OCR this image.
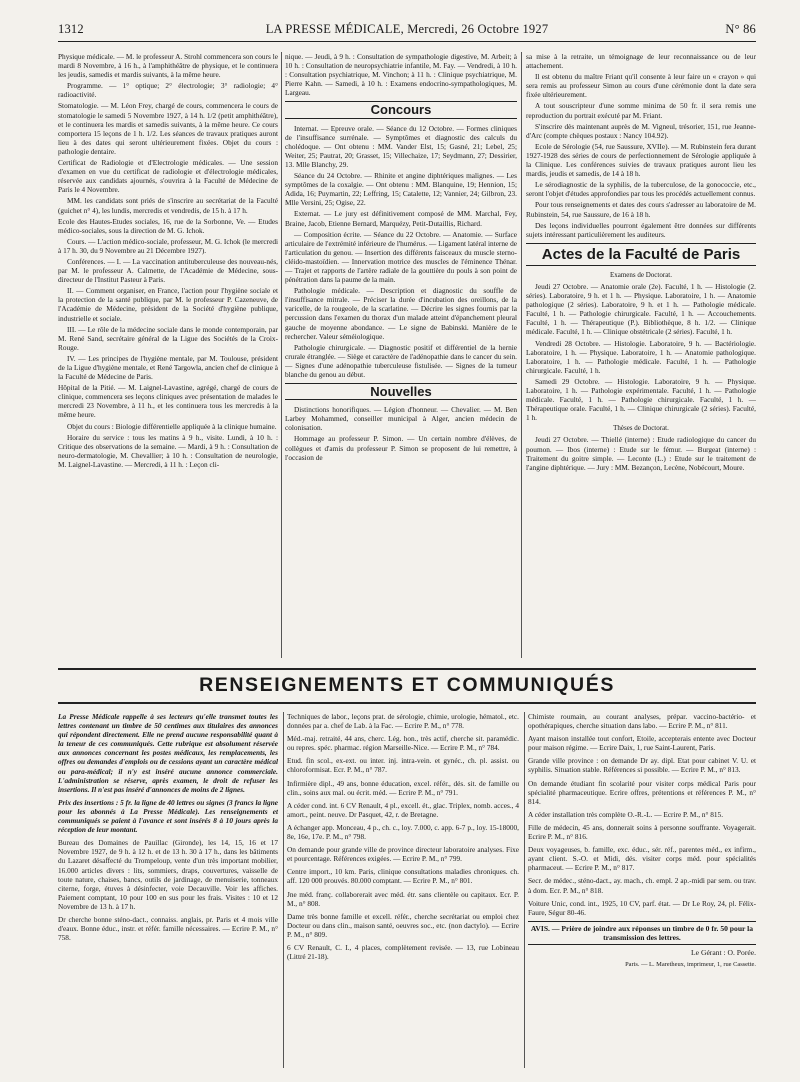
1312	LA PRESSE MÉDICALE, Mercredi, 26 Octobre 1927	N° 86

Physique médicale. — M. le professeur A. Strohl commencera son cours le mardi 8 Novembre, à 16 h., à l'amphithéâtre de physique, et le continuera les jeudis, samedis et mardis suivants, à la même heure.

Programme. — 1° optique; 2° électrologie; 3° radiologie; 4° radioactivité.

Stomatologie. — M. Léon Frey, chargé de cours, commencera le cours de stomatologie le samedi 5 Novembre 1927, à 14 h. 1/2 (petit amphithéâtre), et le continuera les mardis et samedis suivants, à la même heure. Ce cours comportera 15 leçons de 1 h. 1/2. Les séances de travaux pratiques auront lieu à des dates qui seront ultérieurement fixées. Objet du cours : pathologie dentaire.

Certificat de Radiologie et d'Electrologie médicales. — Une session d'examen en vue du certificat de radiologie et d'électrologie médicales, réservée aux candidats ajournés, s'ouvrira à la Faculté de Médecine de Paris le 4 Novembre.

MM. les candidats sont priés de s'inscrire au secrétariat de la Faculté (guichet n° 4), les lundis, mercredis et vendredis, de 15 h. à 17 h.

Ecole des Hautes-Etudes sociales, 16, rue de la Sorbonne, Ve. — Etudes médico-sociales, sous la direction de M. G. Ichok.

Cours. — L'action médico-sociale, professeur, M. G. Ichok (le mercredi à 17 h. 30, du 9 Novembre au 21 Décembre 1927).

Conférences. — I. — La vaccination antituberculeuse des nouveau-nés, par M. le professeur A. Calmette, de l'Académie de Médecine, sous-directeur de l'Institut Pasteur à Paris.

II. — Comment organiser, en France, l'action pour l'hygiène sociale et la protection de la santé publique, par M. le professeur P. Cazeneuve, de l'Académie de Médecine, président de la Société d'hygiène publique, industrielle et sociale.

III. — Le rôle de la médecine sociale dans le monde contemporain, par M. René Sand, secrétaire général de la Ligue des Sociétés de la Croix-Rouge.

IV. — Les principes de l'hygiène mentale, par M. Toulouse, président de la Ligue d'hygiène mentale, et René Targowla, ancien chef de clinique à la Faculté de Médecine de Paris.

Hôpital de la Pitié. — M. Laignel-Lavastine, agrégé, chargé de cours de clinique, commencera ses leçons cliniques avec présentation de malades le mercredi 23 Novembre, à 11 h., et les continuera tous les mercredis à la même heure.

Objet du cours : Biologie différentielle appliquée à la clinique humaine.

Horaire du service : tous les matins à 9 h., visite. Lundi, à 10 h. : Critique des observations de la semaine. — Mardi, à 9 h. : Consultation de neuro-dermatologie, M. Chevallier; à 10 h. : Consultation de neurologie, M. Laignel-Lavastine. — Mercredi, à 11 h. : Leçon cli-

nique. — Jeudi, à 9 h. : Consultation de sympathologie digestive, M. Arbeit; à 10 h. : Consultation de neuropsychiatrie infantile, M. Fay. — Vendredi, à 10 h. : Consultation psychiatrique, M. Vinchon; à 11 h. : Clinique psychiatrique, M. Pierre Kahn. — Samedi, à 10 h. : Examens endocrino-sympathologiques, M. Largeau.

Concours

Internat. — Epreuve orale. — Séance du 12 Octobre. — Formes cliniques de l'insuffisance surrénale. — Symptômes et diagnostic des calculs du cholédoque. — Ont obtenu : MM. Vander Elst, 15; Gasné, 21; Lebel, 25; Weiter, 25; Pautrat, 20; Grasset, 15; Villechaize, 17; Seydmann, 27; Dessirier, 13. Mlle Blanchy, 29.

Séance du 24 Octobre. — Rhinite et angine diphtériques malignes. — Les symptômes de la coxalgie. — Ont obtenu : MM. Blanquine, 19; Hennion, 15; Adida, 16; Puymartin, 22; Leffring, 15; Catalette, 12; Vannier, 24; Gilbron, 23. Mlle Versini, 25; Ogise, 22.

Externat. — Le jury est définitivement composé de MM. Marchal, Fey, Braine, Jacob, Etienne Bernard, Marquézy, Petit-Dutaillis, Richard.

— Composition écrite. — Séance du 22 Octobre. — Anatomie. — Surface articulaire de l'extrémité inférieure de l'humérus. — Ligament latéral interne de l'articulation du genou. — Insertion des différents faisceaux du muscle sterno-cléido-mastoïdien. — Innervation motrice des muscles de l'éminence Thénar. — Trajet et rapports de l'artère radiale de la gouttière du pouls à son point de pénétration dans la paume de la main.

Pathologie médicale. — Description et diagnostic du souffle de l'insuffisance mitrale. — Préciser la durée d'incubation des oreillons, de la varicelle, de la rougeole, de la scarlatine. — Décrire les signes fournis par la percussion dans l'examen du thorax d'un malade atteint d'épanchement pleural gauche de moyenne abondance. — Le signe de Babinski. Manière de le rechercher. Valeur séméiologique.

Pathologie chirurgicale. — Diagnostic positif et différentiel de la hernie crurale étranglée. — Siège et caractère de l'adénopathie dans le cancer du sein. — Signes d'une adénopathie tuberculeuse fistulisée. — Signes de la tumeur blanche du genou au début.

Nouvelles

Distinctions honorifiques. — Légion d'honneur. — Chevalier. — M. Ben Larbey Mohammed, conseiller municipal à Alger, ancien médecin de colonisation.

Hommage au professeur P. Simon. — Un certain nombre d'élèves, de collègues et d'amis du professeur P. Simon se proposent de lui remettre, à l'occasion de

sa mise à la retraite, un témoignage de leur reconnaissance ou de leur attachement.

Il est obtenu du maître Friant qu'il consente à leur faire un « crayon » qui sera remis au professeur Simon au cours d'une cérémonie dont la date sera fixée ultérieurement.

A tout souscripteur d'une somme minima de 50 fr. il sera remis une reproduction du portrait exécuté par M. Friant.

S'inscrire dès maintenant auprès de M. Vigneul, trésorier, 151, rue Jeanne-d'Arc (compte chèques postaux : Nancy 104.92).

Ecole de Sérologie (54, rue Saussure, XVIIe). — M. Rubinstein fera durant 1927-1928 des séries de cours de perfectionnement de Sérologie appliquée à la Clinique. Les conférences suivies de travaux pratiques auront lieu les mardis, jeudis et samedis, de 14 à 18 h.

Le sérodiagnostic de la syphilis, de la tuberculose, de la gonococcie, etc., seront l'objet d'études approfondies par tous les procédés actuellement connus.

Pour tous renseignements et dates des cours s'adresser au laboratoire de M. Rubinstein, 54, rue Saussure, de 16 à 18 h.

Des leçons individuelles pourront également être données sur différents sujets intéressant particulièrement les auditeurs.

Actes de la Faculté de Paris

Examens de Doctorat.

Jeudi 27 Octobre. — Anatomie orale (2e). Faculté, 1 h. — Histologie (2. séries). Laboratoire, 9 h. et 1 h. — Physique. Laboratoire, 1 h. — Anatomie pathologique (2 séries). Laboratoire, 9 h. et 1 h. — Pathologie médicale. Faculté, 1 h. — Pathologie chirurgicale. Faculté, 1 h. — Accouchements. Faculté, 1 h. — Thérapeutique (P.). Bibliothèque, 8 h. 1/2. — Clinique médicale. Faculté, 1 h. — Clinique obstétricale (2 séries). Faculté, 1 h.

Vendredi 28 Octobre. — Histologie. Laboratoire, 9 h. — Bactériologie. Laboratoire, 1 h. — Physique. Laboratoire, 1 h. — Anatomie pathologique. Laboratoire, 1 h. — Pathologie médicale. Faculté, 1 h. — Pathologie chirurgicale. Faculté, 1 h.

Samedi 29 Octobre. — Histologie. Laboratoire, 9 h. — Physique. Laboratoire, 1 h. — Pathologie expérimentale. Faculté, 1 h. — Pathologie médicale. Faculté, 1 h. — Pathologie chirurgicale. Faculté, 1 h. — Thérapeutique orale. Faculté, 1 h. — Clinique chirurgicale (2 séries). Faculté, 1 h.

Thèses de Doctorat.

Jeudi 27 Octobre. — Thiellé (interne) : Etude radiologique du cancer du poumon. — Ibos (interne) : Etude sur le fémur. — Burgeat (interne) : Traitement du goitre simple. — Leconte (L.) : Etude sur le traitement de l'angine diphtérique. — Jury : MM. Bezançon, Lecène, Nobécourt, Moure.

RENSEIGNEMENTS ET COMMUNIQUÉS

La Presse Médicale rappelle à ses lecteurs qu'elle transmet toutes les lettres contenant un timbre de 50 centimes aux titulaires des annonces qui répondent directement. Elle ne prend aucune responsabilité quant à la teneur de ces communiqués. Cette rubrique est absolument réservée aux annonces concernant les postes médicaux, les remplacements, les offres ou demandes d'emplois ou de cessions ayant un caractère médical ou para-médical; il n'y est inséré aucune annonce commerciale. L'administration se réserve, après examen, le droit de refuser les insertions. Il n'est pas inséré d'annonces de moins de 2 lignes.

Prix des insertions : 5 fr. la ligne de 40 lettres ou signes (3 francs la ligne pour les abonnés à La Presse Médicale). Les renseignements et communiqués se paient à l'avance et sont insérés 8 à 10 jours après la réception de leur montant.

Bureau des Domaines de Pauillac (Gironde), les 14, 15, 16 et 17 Novembre 1927, de 9 h. à 12 h. et de 13 h. 30 à 17 h., dans les bâtiments du Lazaret désaffecté du Trompeloup, vente d'un très important mobilier, 16.000 articles divers : lits, sommiers, draps, couvertures, vaisselle de toute nature, chaises, bancs, outils de jardinage, de menuiserie, tonneaux citerne, forge, étuves à désinfecter, voie Decauville. Voir les affiches. Paiement comptant, 10 pour 100 en sus pour les frais. Visites : 10 et 12 Novembre de 13 h. à 17 h.

Dr cherche bonne sténo-dact., connaiss. anglais, pr. Paris et 4 mois ville d'eaux. Bonne éduc., instr. et référ. famille nécessaires. — Ecrire P. M., n° 758.

Techniques de labor., leçons prat. de sérologie, chimie, urologie, hématol., etc. données par a. chef de Lab. à la Fac. — Ecrire P. M., n° 778.

Méd.-maj. retraité, 44 ans, cherc. Lég. hon., très actif, cherche sit. paramédic. ou repres. spéc. pharmac. région Marseille-Nice. — Ecrire P. M., n° 784.

Etud. fin scol., ex-ext. ou inter. inj. intra-vein. et gynéc., ch. pl. assist. ou chloroformisat. Ecr. P. M., n° 787.

Infirmière dipl., 49 ans, bonne éducation, excel. référ., dés. sit. de famille ou clin., soins aux mal. ou écrit. méd. — Ecrire P. M., n° 791.

A céder cond. int. 6 CV Renault, 4 pl., excell. ét., glac. Triplex, nomb. acces., 4 amort., peint. neuve. Dr Pasquet, 42, r. de Bretagne.

A échanger app. Monceau, 4 p., ch. c., loy. 7.000, c. app. 6-7 p., loy. 15-18000, 8e, 16e, 17e. P. M., n° 798.

On demande pour grande ville de province directeur laboratoire analyses. Fixe et pourcentage. Références exigées. — Ecrire P. M., n° 799.

Centre import., 10 km. Paris, clinique consultations maladies chroniques. ch. aff. 120 000 prouvés. 80.000 comptant. — Ecrire P. M., n° 801.

Jne méd. franç. collaborerait avec méd. étr. sans clientèle ou capitaux. Ecr. P. M., n° 808.

Dame très bonne famille et excell. référ., cherche secrétariat ou emploi chez Docteur ou dans clin., maison santé, oeuvres soc., etc. (non dactylo). — Ecrire P. M., n° 809.

6 CV Renault, C. I., 4 places, complètement revisée. — 13, rue Lobineau (Littré 21-18).

Chimiste roumain, au courant analyses, prépar. vaccino-bactério- et opothérapiques, cherche situation dans labo. — Ecrire P. M., n° 811.

Ayant maison installée tout confort, Etoile, accepterais entente avec Docteur pour maison régime. — Ecrire Daix, 1, rue Saint-Laurent, Paris.

Grande ville province : on demande Dr ay. dipl. Etat pour cabinet V. U. et syphilis. Situation stable. Références si possible. — Ecrire P. M., n° 813.

On demande étudiant fin scolarité pour visiter corps médical Paris pour spécialité pharmaceutique. Ecrire offres, prétentions et références P. M., n° 814.

A céder installation très complète O.-R.-L. — Ecrire P. M., n° 815.

Fille de médecin, 45 ans, donnerait soins à personne souffrante. Voyagerait. Ecrire P. M., n° 816.

Deux voyageuses, b. famille, exc. éduc., sér. réf., parentes méd., ex infirm., ayant client. S.-O. et Midi, dés. visiter corps méd. pour spécialités pharmaceut. — Ecrire P. M., n° 817.

Secr. de médec., sténo-dact., ay. mach., ch. empl. 2 ap.-midi par sem. ou trav. à dom. Ecr. P. M., n° 818.

Voiture Unic, cond. int., 1925, 10 CV, parf. état. — Dr Le Roy, 24, pl. Félix-Faure, Ségur 80-46.

AVIS. — Prière de joindre aux réponses un timbre de 0 fr. 50 pour la transmission des lettres.
Le Gérant : O. Porée.
Paris. — L. Maretheux, imprimeur, 1, rue Cassette.
